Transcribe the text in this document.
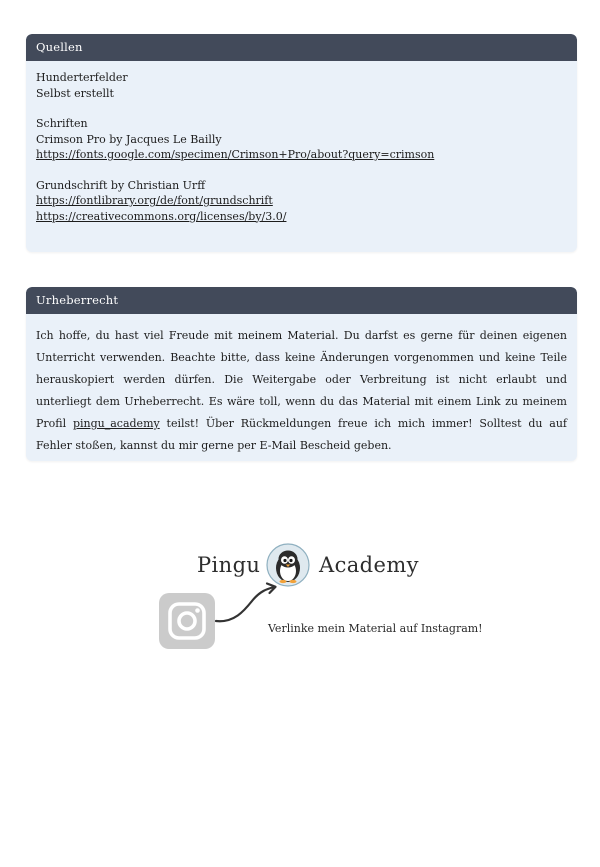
Quellen
Hunderterfelder
Selbst erstellt
Schriften
Crimson Pro by Jacques Le Bailly
https://fonts.google.com/specimen/Crimson+Pro/about?query=crimson
Grundschrift by Christian Urff
https://fontlibrary.org/de/font/grundschrift
https://creativecommons.org/licenses/by/3.0/
Urheberrecht
Ich hoffe, du hast viel Freude mit meinem Material. Du darfst es gerne für deinen eigenen Unterricht verwenden. Beachte bitte, dass keine Änderungen vorgenommen und keine Teile herauskopiert werden dürfen. Die Weitergabe oder Verbreitung ist nicht erlaubt und unterliegt dem Urheberrecht. Es wäre toll, wenn du das Material mit einem Link zu meinem Profil pingu_academy teilst! Über Rückmeldungen freue ich mich immer! Solltest du auf Fehler stoßen, kannst du mir gerne per E-Mail Bescheid geben.
Pingu	Academy
Verlinke mein Material auf Instagram!
